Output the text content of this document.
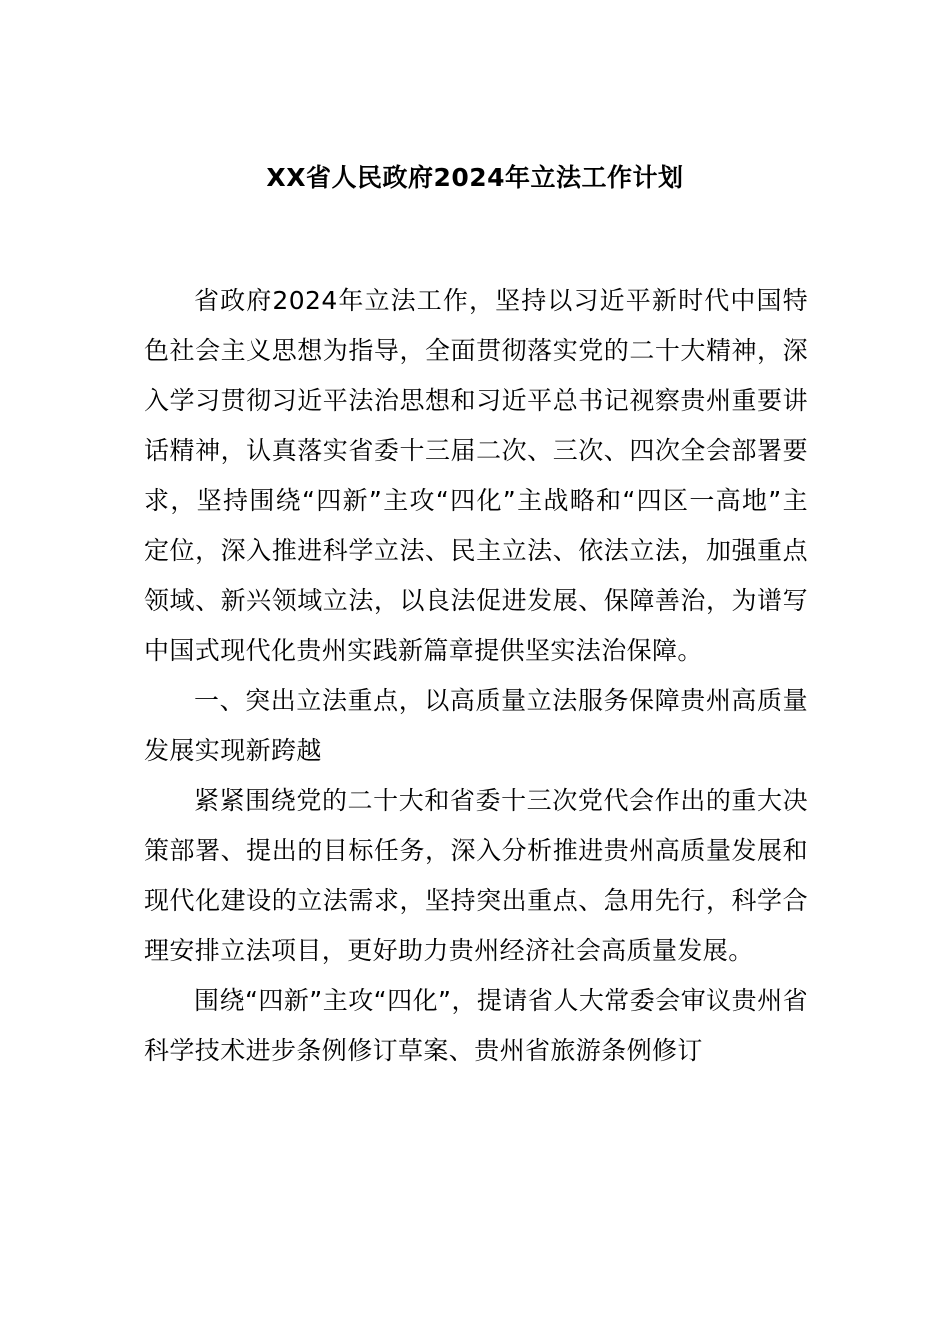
XX省人民政府2024年立法工作计划

省政府2024年立法工作，坚持以习近平新时代中国特色社会主义思想为指导，全面贯彻落实党的二十大精神，深入学习贯彻习近平法治思想和习近平总书记视察贵州重要讲话精神，认真落实省委十三届二次、三次、四次全会部署要求，坚持围绕“四新”主攻“四化”主战略和“四区一高地”主定位，深入推进科学立法、民主立法、依法立法，加强重点领域、新兴领域立法，以良法促进发展、保障善治，为谱写中国式现代化贵州实践新篇章提供坚实法治保障。

一、突出立法重点，以高质量立法服务保障贵州高质量发展实现新跨越

紧紧围绕党的二十大和省委十三次党代会作出的重大决策部署、提出的目标任务，深入分析推进贵州高质量发展和现代化建设的立法需求，坚持突出重点、急用先行，科学合理安排立法项目，更好助力贵州经济社会高质量发展。

围绕“四新”主攻“四化”，提请省人大常委会审议贵州省科学技术进步条例修订草案、贵州省旅游条例修订
